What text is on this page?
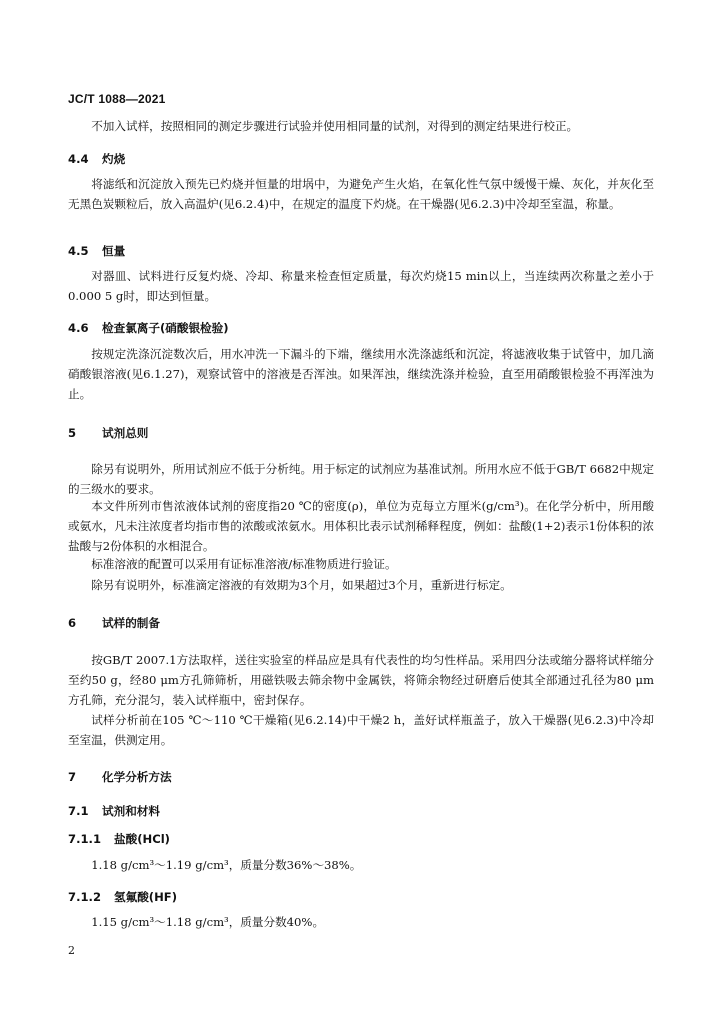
JC/T 1088—2021

不加入试样，按照相同的测定步骤进行试验并使用相同量的试剂，对得到的测定结果进行校正。

4.4 灼烧

将滤纸和沉淀放入预先已灼烧并恒量的坩埚中，为避免产生火焰，在氧化性气氛中缓慢干燥、灰化，并灰化至无黑色炭颗粒后，放入高温炉(见6.2.4)中，在规定的温度下灼烧。在干燥器(见6.2.3)中冷却至室温，称量。

4.5 恒量

对器皿、试料进行反复灼烧、冷却、称量来检查恒定质量，每次灼烧15 min以上，当连续两次称量之差小于0.000 5 g时，即达到恒量。

4.6 检查氯离子(硝酸银检验)

按规定洗涤沉淀数次后，用水冲洗一下漏斗的下端，继续用水洗涤滤纸和沉淀，将滤液收集于试管中，加几滴硝酸银溶液(见6.1.27)，观察试管中的溶液是否浑浊。如果浑浊，继续洗涤并检验，直至用硝酸银检验不再浑浊为止。

5 试剂总则

除另有说明外，所用试剂应不低于分析纯。用于标定的试剂应为基准试剂。所用水应不低于GB/T 6682中规定的三级水的要求。

本文件所列市售浓液体试剂的密度指20 ℃的密度(ρ)，单位为克每立方厘米(g/cm³)。在化学分析中，所用酸或氨水，凡未注浓度者均指市售的浓酸或浓氨水。用体积比表示试剂稀释程度，例如：盐酸(1+2)表示1份体积的浓盐酸与2份体积的水相混合。

标准溶液的配置可以采用有证标准溶液/标准物质进行验证。

除另有说明外，标准滴定溶液的有效期为3个月，如果超过3个月，重新进行标定。

6 试样的制备

按GB/T 2007.1方法取样，送往实验室的样品应是具有代表性的均匀性样品。采用四分法或缩分器将试样缩分至约50 g，经80 μm方孔筛筛析，用磁铁吸去筛余物中金属铁，将筛余物经过研磨后使其全部通过孔径为80 μm方孔筛，充分混匀，装入试样瓶中，密封保存。

试样分析前在105 ℃～110 ℃干燥箱(见6.2.14)中干燥2 h，盖好试样瓶盖子，放入干燥器(见6.2.3)中冷却至室温，供测定用。

7 化学分析方法
7.1 试剂和材料
7.1.1 盐酸(HCl)

1.18 g/cm³～1.19 g/cm³，质量分数36%～38%。

7.1.2 氢氟酸(HF)

1.15 g/cm³～1.18 g/cm³，质量分数40%。

2
